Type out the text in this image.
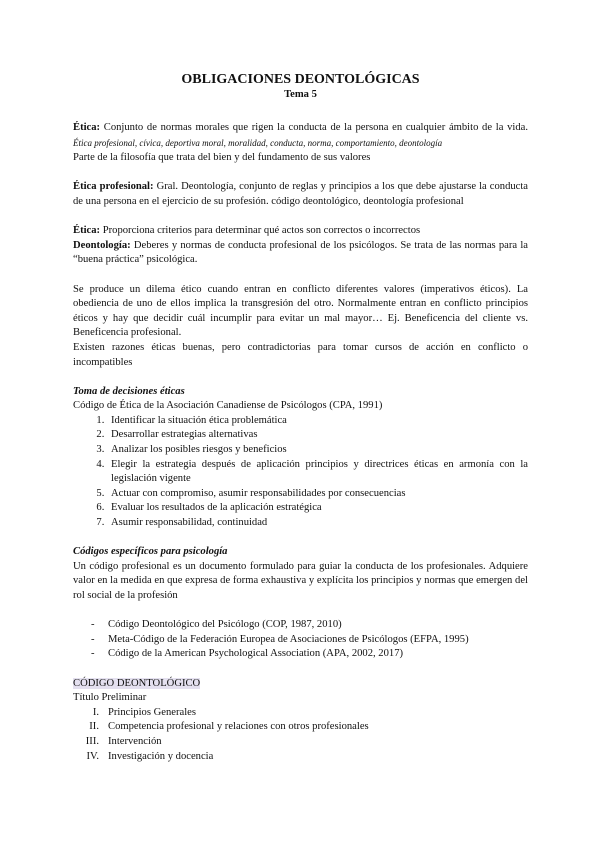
OBLIGACIONES DEONTOLÓGICAS
Tema 5

Ética: Conjunto de normas morales que rigen la conducta de la persona en cualquier ámbito de la vida. Ética profesional, cívica, deportiva moral, moralidad, conducta, norma, comportamiento, deontología

Parte de la filosofía que trata del bien y del fundamento de sus valores

Ética profesional: Gral. Deontología, conjunto de reglas y principios a los que debe ajustarse la conducta de una persona en el ejercicio de su profesión. código deontológico, deontología profesional

Ética: Proporciona criterios para determinar qué actos son correctos o incorrectos

Deontología: Deberes y normas de conducta profesional de los psicólogos. Se trata de las normas para la “buena práctica” psicológica.

Se produce un dilema ético cuando entran en conflicto diferentes valores (imperativos éticos). La obediencia de uno de ellos implica la transgresión del otro. Normalmente entran en conflicto principios éticos y hay que decidir cuál incumplir para evitar un mal mayor… Ej. Beneficencia del cliente vs. Beneficencia profesional.

Existen razones éticas buenas, pero contradictorias para tomar cursos de acción en conflicto o incompatibles

Toma de decisiones éticas

Código de Ética de la Asociación Canadiense de Psicólogos (CPA, 1991)

1. Identificar la situación ética problemática
2. Desarrollar estrategias alternativas
3. Analizar los posibles riesgos y beneficios
4. Elegir la estrategia después de aplicación principios y directrices éticas en armonía con la legislación vigente
5. Actuar con compromiso, asumir responsabilidades por consecuencias
6. Evaluar los resultados de la aplicación estratégica
7. Asumir responsabilidad, continuidad

Códigos específicos para psicología

Un código profesional es un documento formulado para guiar la conducta de los profesionales. Adquiere valor en la medida en que expresa de forma exhaustiva y explícita los principios y normas que emergen del rol social de la profesión

- Código Deontológico del Psicólogo (COP, 1987, 2010)
- Meta-Código de la Federación Europea de Asociaciones de Psicólogos (EFPA, 1995)
- Código de la American Psychological Association (APA, 2002, 2017)

CÓDIGO DEONTOLÓGICO

Título Preliminar

I. Principios Generales
II. Competencia profesional y relaciones con otros profesionales
III. Intervención
IV. Investigación y docencia
